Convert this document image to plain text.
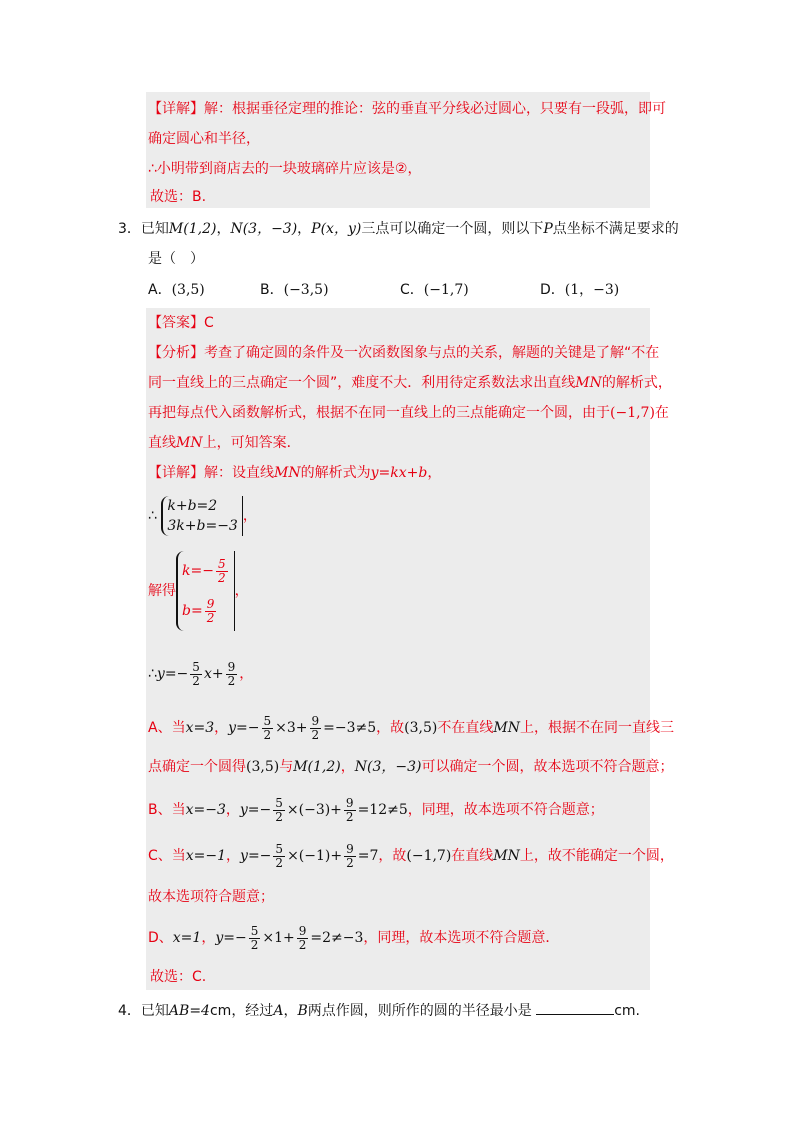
【详解】解：根据垂径定理的推论：弦的垂直平分线必过圆心，只要有一段弧，即可
确定圆心和半径，
∴小明带到商店去的一块玻璃碎片应该是②，
故选：B.
3．已知M(1,2)，N(3，−3)，P(x，y)三点可以确定一个圆，则以下P点坐标不满足要求的
是（　）
A．(3,5)	B．(−3,5)	C．(−1,7)	D．(1，−3)
【答案】C
【分析】考查了确定圆的条件及一次函数图象与点的关系，解题的关键是了解“不在
同一直线上的三点确定一个圆”，难度不大．利用待定系数法求出直线MN的解析式，
再把每点代入函数解析式，根据不在同一直线上的三点能确定一个圆，由于(−1,7)在
直线MN上，可知答案．
【详解】解：设直线MN的解析式为y=kx+b，
∴
k+b=2
3k+b=−3
，
解得
$k=- \frac{5}{2}$
$b= \frac{9}{2}$
，
∴y=− $\frac{5}{2} x+ \frac{9}{2}$ ，
A、当x=3，$y=- \frac{5}{2} \times 3+ \frac{9}{2} =-3\ne 5$，故(3,5)不在直线MN上，根据不在同一直线三
点确定一个圆得(3,5)与M(1,2)，N(3，−3)可以确定一个圆，故本选项不符合题意；
B、当x=−3，$y=- \frac{5}{2} \times(-3)+ \frac{9}{2} =12\ne 5$，同理，故本选项不符合题意；
C、当x=−1，$y=- \frac{5}{2} \times(-1)+ \frac{9}{2} =7$，故(−1,7)在直线MN上，故不能确定一个圆，
故本选项符合题意；
D、x=1，$y=- \frac{5}{2} \times 1+ \frac{9}{2} =2\ne-3$，同理，故本选项不符合题意．
故选：C.
4．已知AB=4cm，经过A，B两点作圆，则所作的圆的半径最小是	cm.
